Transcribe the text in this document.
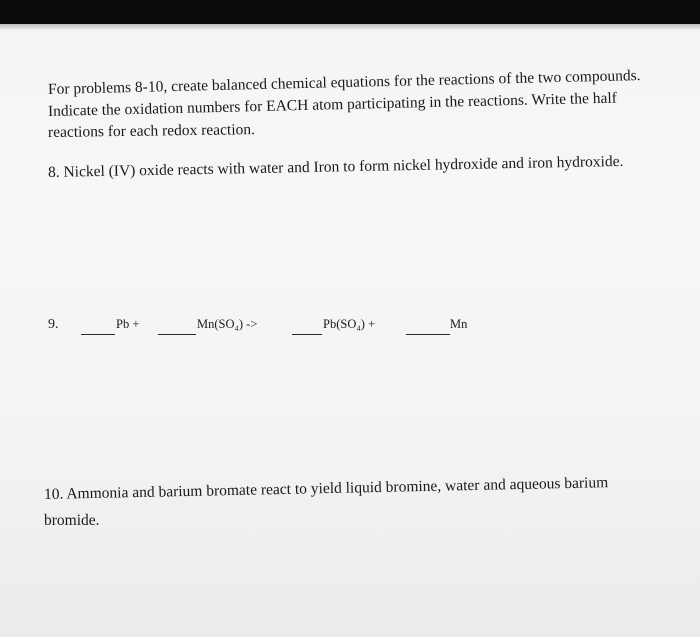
For problems 8-10, create balanced chemical equations for the reactions of the two compounds.
Indicate the oxidation numbers for EACH atom participating in the reactions. Write the half
reactions for each redox reaction.
8. Nickel (IV) oxide reacts with water and Iron to form nickel hydroxide and iron hydroxide.
9.	Pb +	Mn(SO₄) ->	Pb(SO₄) +	Mn
10. Ammonia and barium bromate react to yield liquid bromine, water and aqueous barium
bromide.
